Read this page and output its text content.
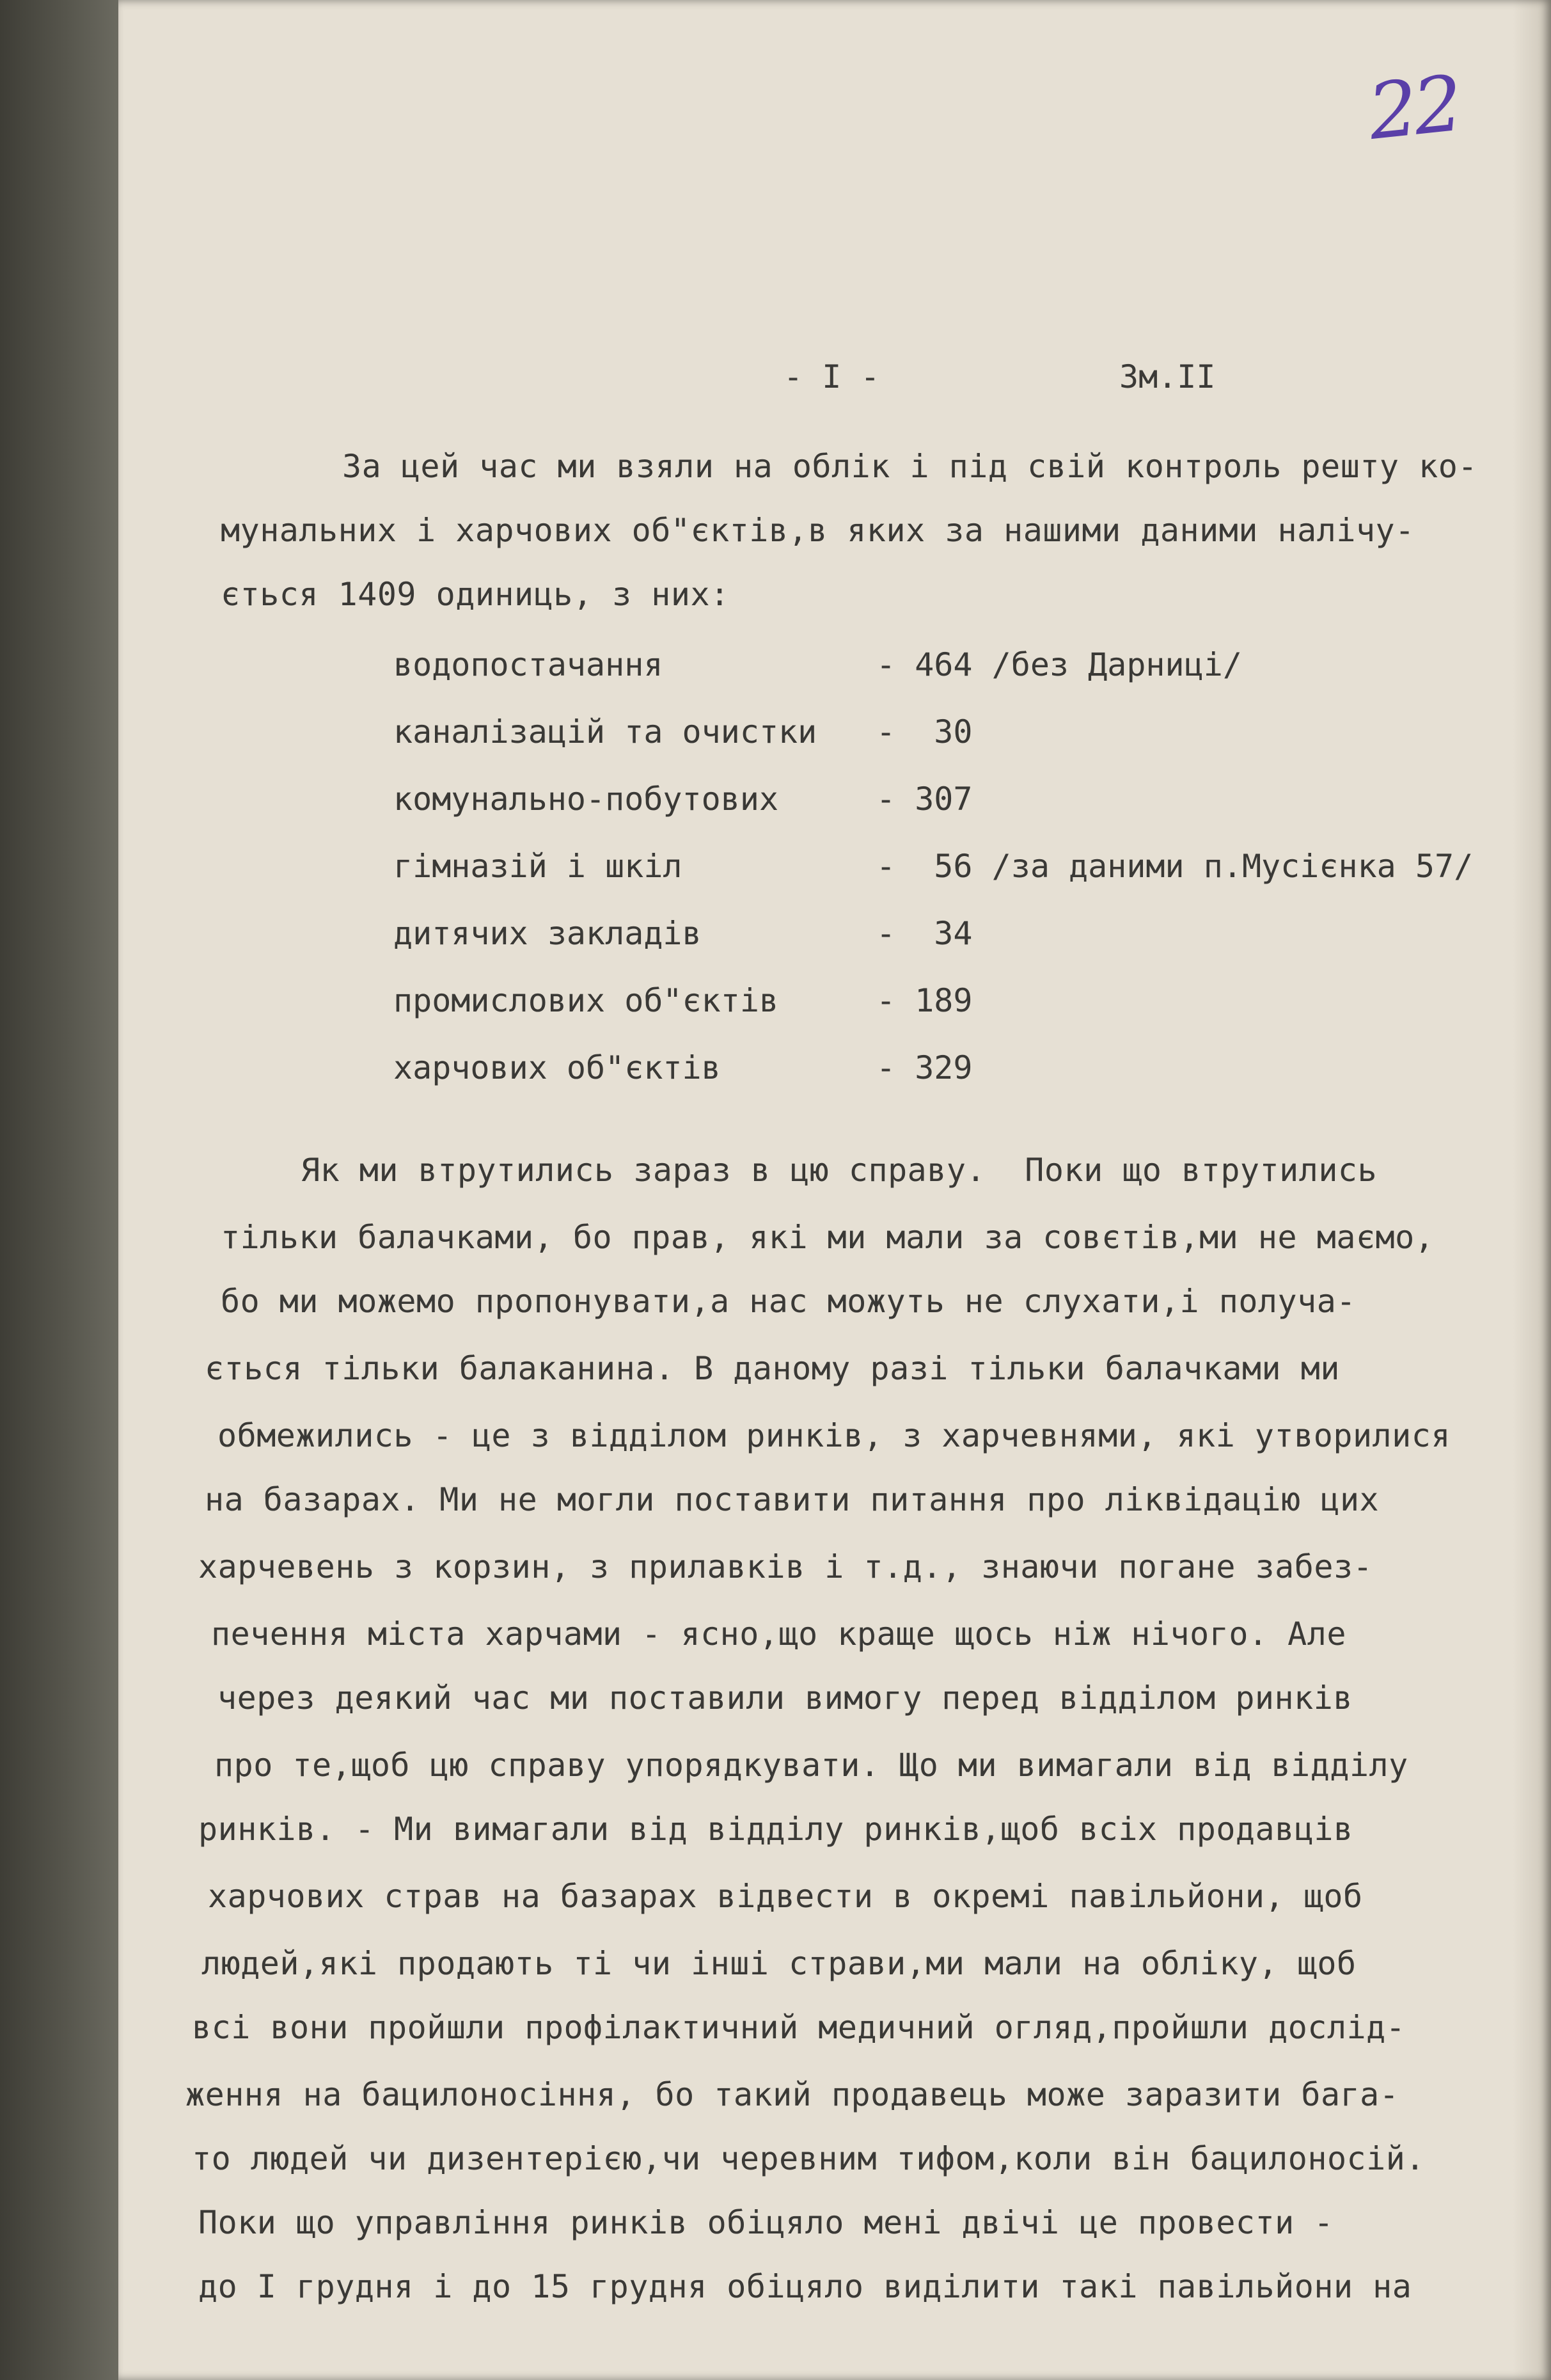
22
- I -	Зм.II
За цей час ми взяли на облік і під свій контроль решту ко-
мунальних і харчових об"єктів,в яких за нашими даними налічу-
ється 1409 одиниць, з них:
водопостачання	- 464 /без Дарниці/
каналізацій та очистки -  30
комунально-побутових	- 307
гімназій і шкіл	-  56 /за даними п.Мусієнка 57/
дитячих закладів	-  34
промислових об"єктів	- 189
харчових об"єктів	- 329
Як ми втрутились зараз в цю справу.  Поки що втрутились
тільки балачками, бо прав, які ми мали за совєтів,ми не маємо,
бо ми можемо пропонувати,а нас можуть не слухати,і получа-
ється тільки балаканина. В даному разі тільки балачками ми
обмежились - це з відділом ринків, з харчевнями, які утворилися
на базарах. Ми не могли поставити питання про ліквідацію цих
харчевень з корзин, з прилавків і т.д., знаючи погане забез-
печення міста харчами - ясно,що краще щось ніж нічого. Але
через деякий час ми поставили вимогу перед відділом ринків
про те,щоб цю справу упорядкувати. Що ми вимагали від відділу
ринків. - Ми вимагали від відділу ринків,щоб всіх продавців
харчових страв на базарах відвести в окремі павільйони, щоб
людей,які продають ті чи інші страви,ми мали на обліку, щоб
всі вони пройшли профілактичний медичний огляд,пройшли дослід-
ження на бацилоносіння, бо такий продавець може заразити бага-
то людей чи дизентерією,чи черевним тифом,коли він бацилоносій.
Поки що управління ринків обіцяло мені двічі це провести -
до І грудня і до 15 грудня обіцяло виділити такі павільйони на
